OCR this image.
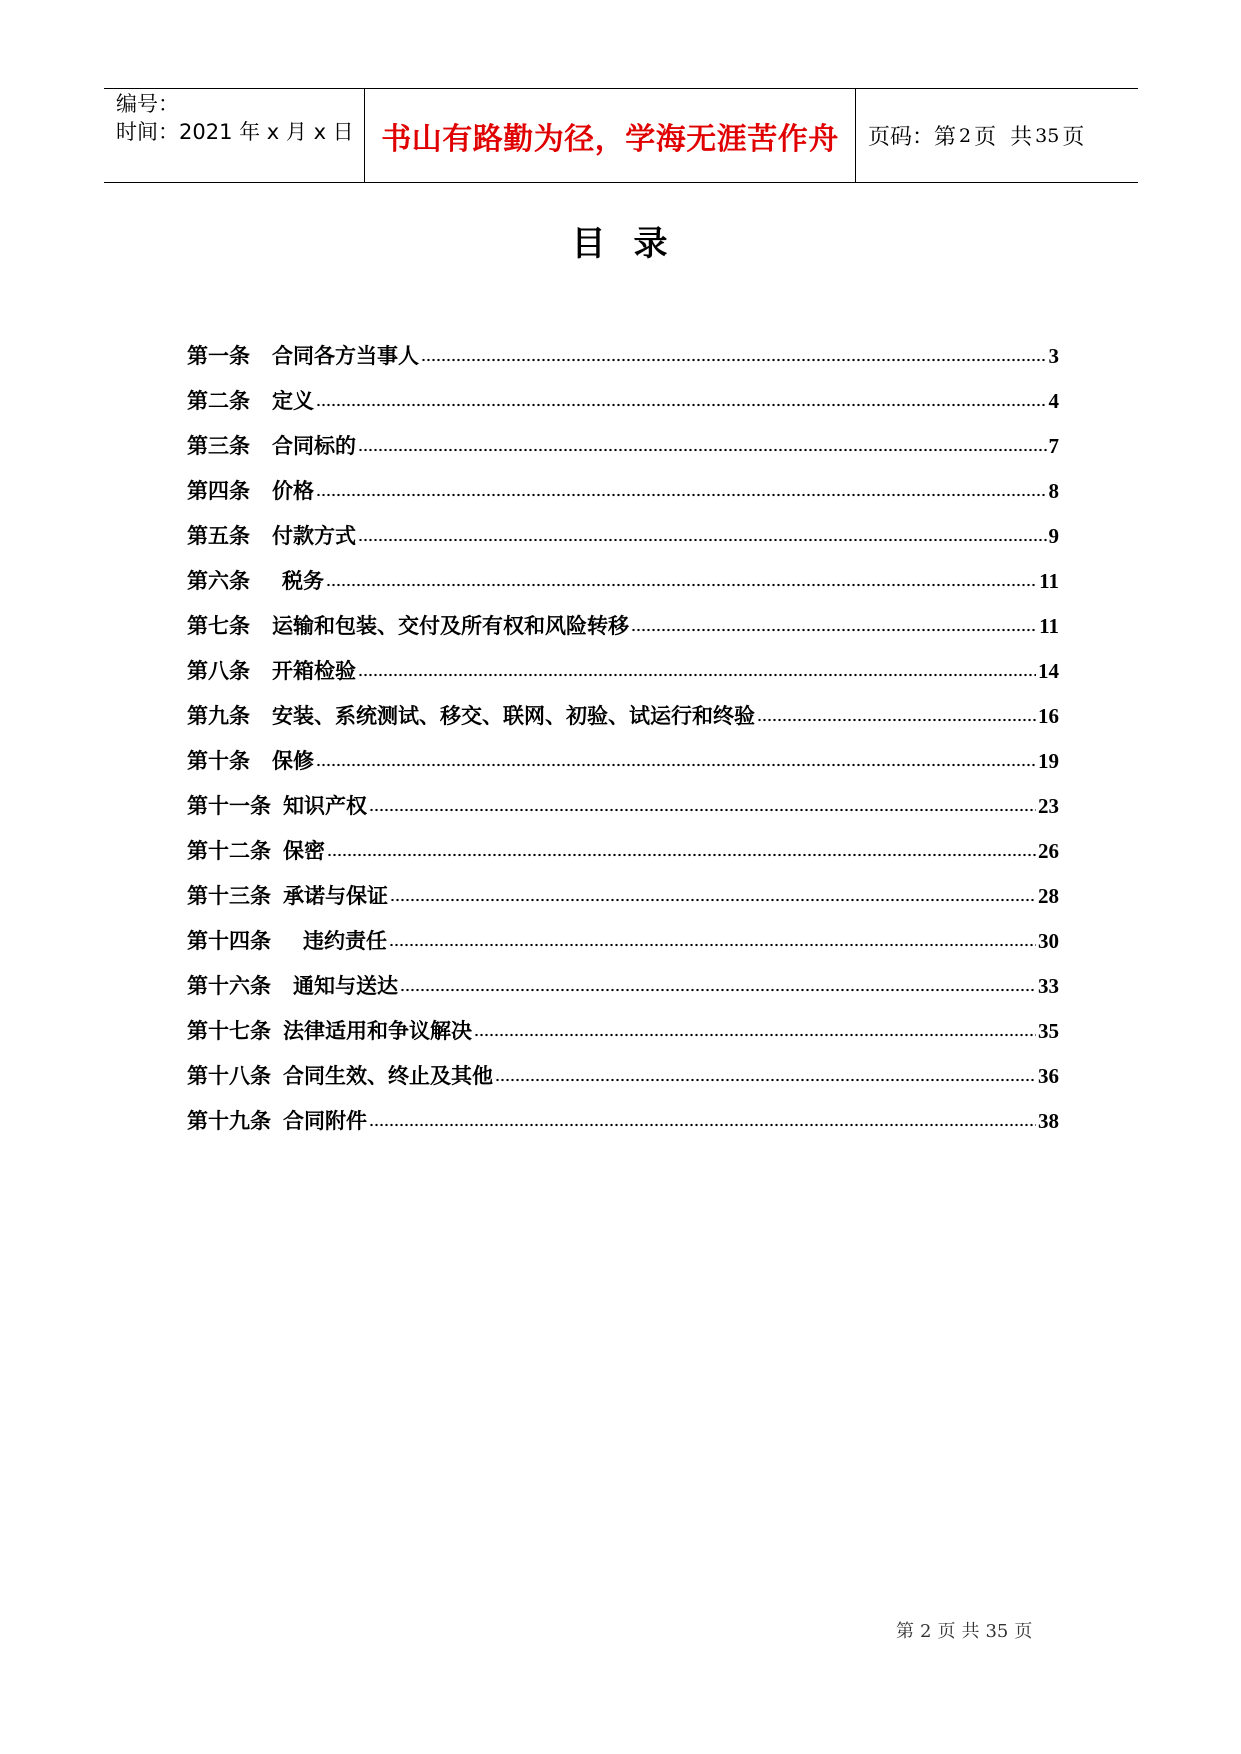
编号：
时间：2021 年 x 月 x 日 书山有路勤为径，学海无涯苦作舟 页码：第 2 页 共 35 页
目 录
第一条 合同各方当事人	3
第二条 定义	4
第三条 合同标的	7
第四条 价格	8
第五条 付款方式	9
第六条 税务	11
第七条 运输和包装、交付及所有权和风险转移	11
第八条 开箱检验	14
第九条 安装、系统测试、移交、联网、初验、试运行和终验	16
第十条 保修	19
第十一条 知识产权	23
第十二条 保密	26
第十三条 承诺与保证	28
第十四条 违约责任	30
第十六条 通知与送达	33
第十七条 法律适用和争议解决	35
第十八条 合同生效、终止及其他	36
第十九条 合同附件	38
第 2 页 共 35 页
